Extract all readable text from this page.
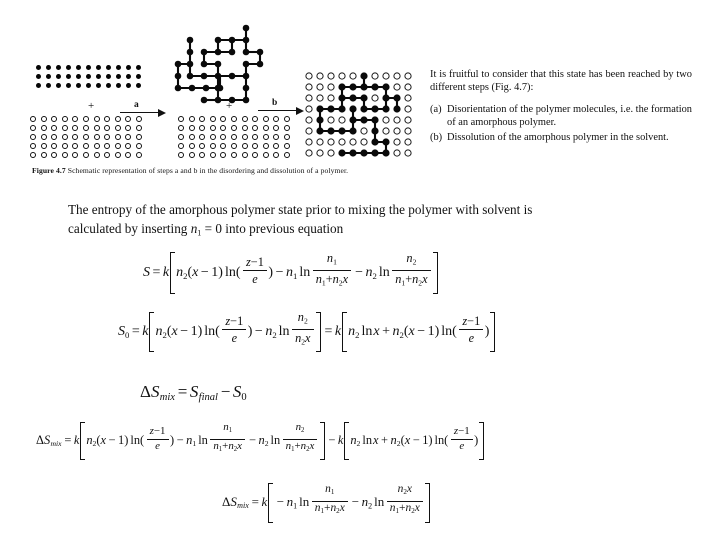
+	a	+	b
Figure 4.7 Schematic representation of steps a and b in the disordering and dissolution of a polymer.

It is fruitful to consider that this state has been reached by two different steps (Fig. 4.7):

(a) Disorientation of the polymer molecules, i.e. the formation of an amorphous polymer.
(b) Dissolution of the amorphous polymer in the solvent.
The entropy of the amorphous polymer state prior to mixing the polymer with solvent is
calculated by inserting $n_1 = 0$ into previous equation
S = k $n_2(x - 1)$ $\ln( \frac{z-1}{e}$ ) − $n_1$ $\ln \frac{n_1}{n_1+n_2x} - n_2$ $\ln \frac{n_2}{n_1+n_2x}$
$S_0 = k$ $n_2(x - 1)$ $\ln( \frac{z-1}{e}$ ) − $n_2$ $\ln \frac{n_2}{n_2x} = k$ $n_2$ $\ln x + n_2(x - 1)$ $\ln( \frac{z-1}{e}$ )
$\Delta S_{mix} = S_{final} - S_0$
$\Delta S_{mix} = k$ $n_2(x - 1)$ $\ln( \frac{z-1}{e}$ ) − $n_1$ $\ln \frac{n_1}{n_1+n_2x} - n_2$ $\ln \frac{n_2}{n_1+n_2x} - k$ $n_2$ $\ln x + n_2(x - 1)$ $\ln( \frac{z-1}{e}$ )
$\Delta S_{mix} = k - n_1$ $\ln \frac{n_1}{n_1+n_2x} - n_2$ $\ln \frac{n_2x}{n_1+n_2x}$
